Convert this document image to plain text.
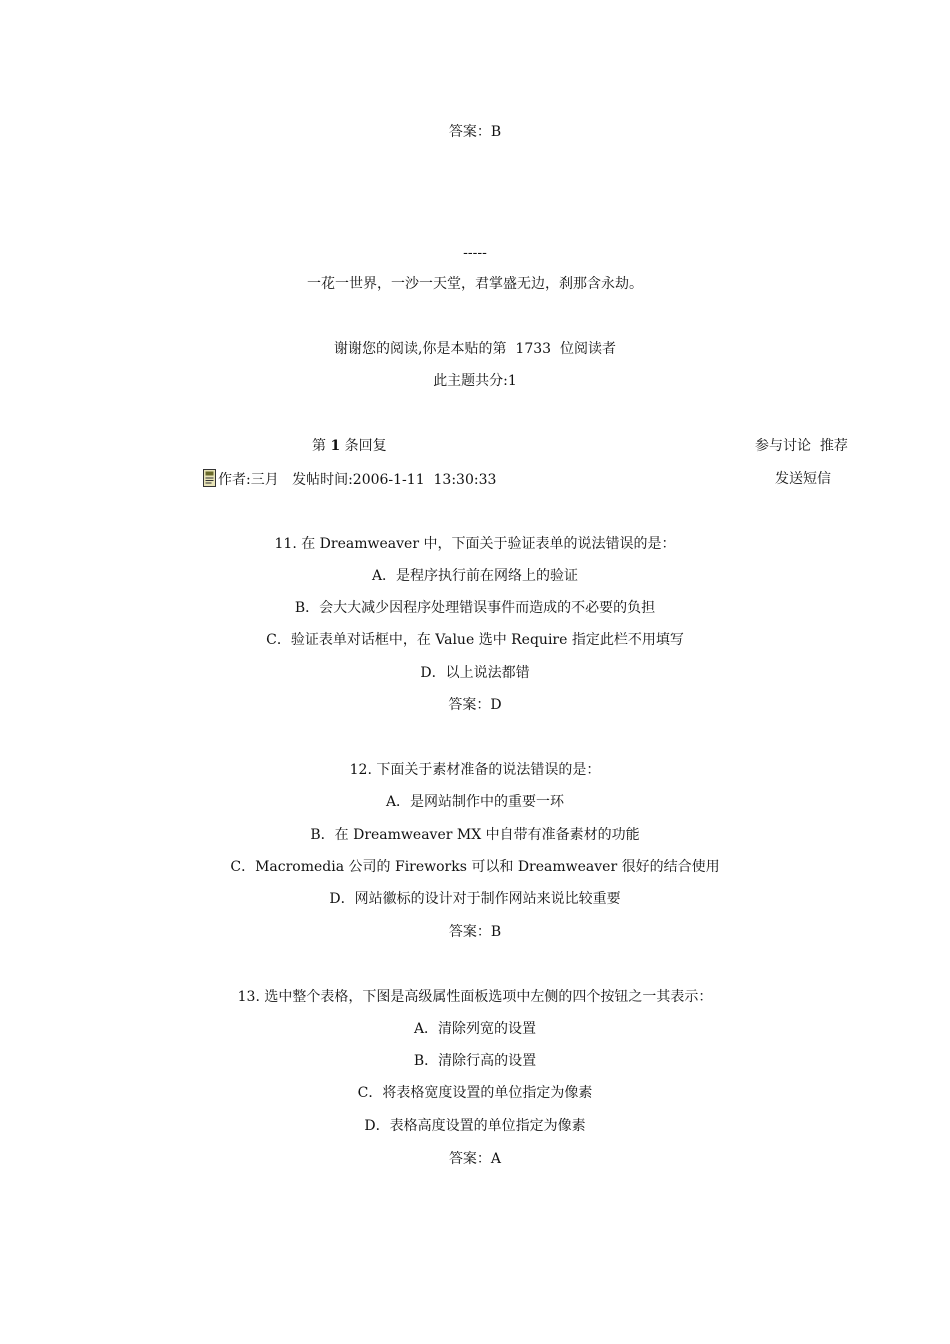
答案：B
-----
一花一世界，一沙一天堂，君掌盛无边，刹那含永劫。
谢谢您的阅读,你是本贴的第 1733 位阅读者
此主题共分:1
第 1 条回复	参与讨论 推荐
作者:三月 发帖时间:2006-1-11 13:30:33	发送短信
11. 在 Dreamweaver 中，下面关于验证表单的说法错误的是：
A．是程序执行前在网络上的验证
B．会大大减少因程序处理错误事件而造成的不必要的负担
C．验证表单对话框中，在 Value 选中 Require 指定此栏不用填写
D．以上说法都错
答案：D
12. 下面关于素材准备的说法错误的是：
A．是网站制作中的重要一环
B．在 Dreamweaver MX 中自带有准备素材的功能
C．Macromedia 公司的 Fireworks 可以和 Dreamweaver 很好的结合使用
D．网站徽标的设计对于制作网站来说比较重要
答案：B
13. 选中整个表格，下图是高级属性面板选项中左侧的四个按钮之一其表示：
A．清除列宽的设置
B．清除行高的设置
C．将表格宽度设置的单位指定为像素
D．表格高度设置的单位指定为像素
答案：A
